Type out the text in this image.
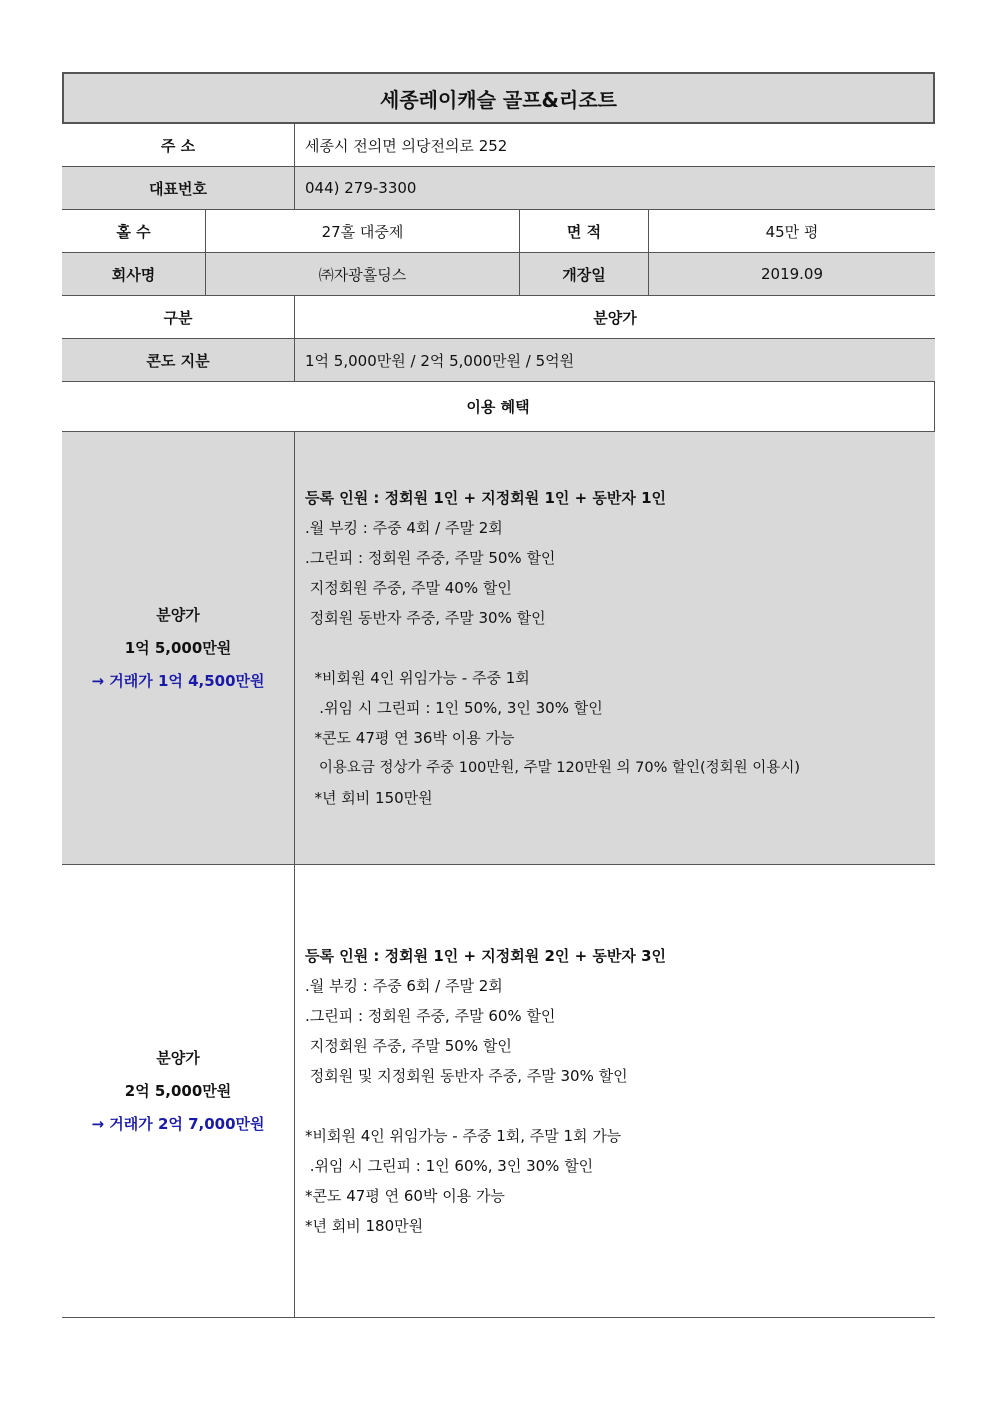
세종레이캐슬 골프&리조트
주 소	세종시 전의면 의당전의로 252
대표번호	044) 279-3300
홀 수	27홀 대중제	면 적	45만 평
회사명	㈜자광홀딩스	개장일	2019.09
구분	분양가
콘도 지분	1억 5,000만원 / 2억 5,000만원 / 5억원
이용 혜택
분양가
1억 5,000만원
→ 거래가 1억 4,500만원
등록 인원 : 정회원 1인 + 지정회원 1인 + 동반자 1인
.월 부킹 : 주중 4회 / 주말 2회
.그린피 : 정회원 주중, 주말 50% 할인
지정회원 주중, 주말 40% 할인
정회원 동반자 주중, 주말 30% 할인
*비회원 4인 위임가능 - 주중 1회
.위임 시 그린피 : 1인 50%, 3인 30% 할인
*콘도 47평 연 36박 이용 가능
이용요금 정상가 주중 100만원, 주말 120만원 의 70% 할인(정회원 이용시)
*년 회비 150만원
분양가
2억 5,000만원
→ 거래가 2억 7,000만원
등록 인원 : 정회원 1인 + 지정회원 2인 + 동반자 3인
.월 부킹 : 주중 6회 / 주말 2회
.그린피 : 정회원 주중, 주말 60% 할인
지정회원 주중, 주말 50% 할인
정회원 및 지정회원 동반자 주중, 주말 30% 할인
*비회원 4인 위임가능 - 주중 1회, 주말 1회 가능
.위임 시 그린피 : 1인 60%, 3인 30% 할인
*콘도 47평 연 60박 이용 가능
*년 회비 180만원
